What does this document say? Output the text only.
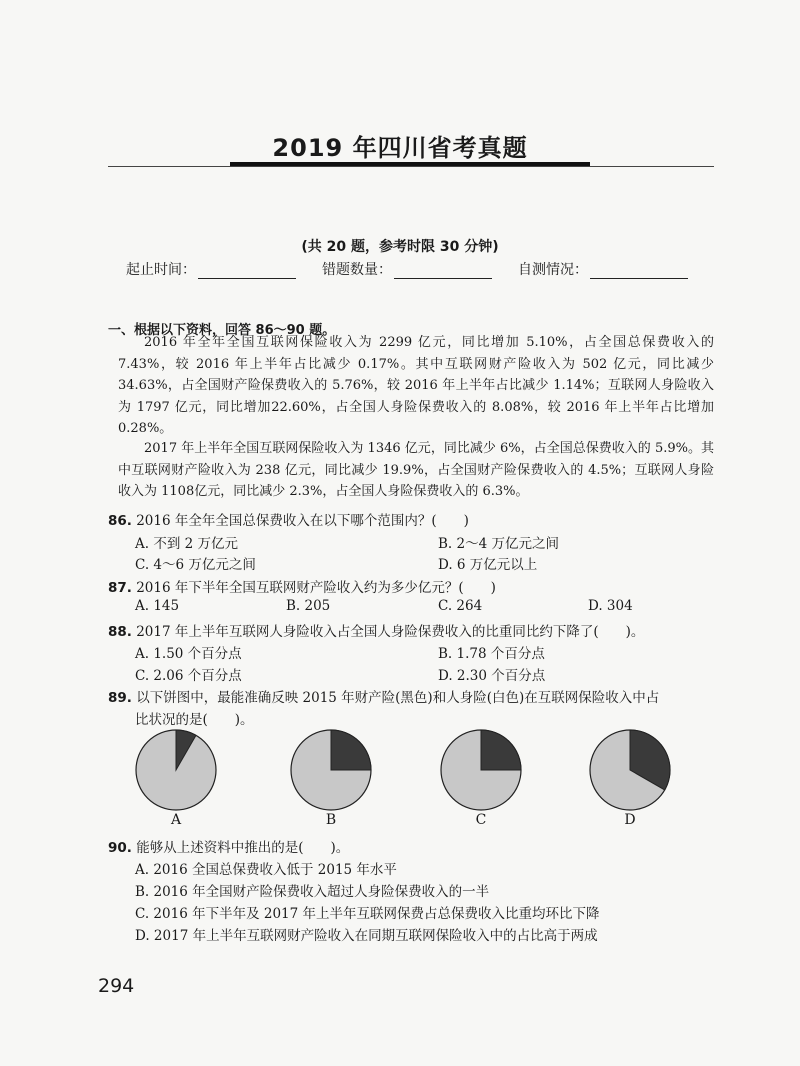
2019 年四川省考真题
(共 20 题，参考时限 30 分钟)
起止时间：	错题数量：	自测情况：
一、根据以下资料，回答 86～90 题。

2016 年全年全国互联网保险收入为 2299 亿元，同比增加 5.10%，占全国总保费收入的 7.43%，较 2016 年上半年占比减少 0.17%。其中互联网财产险收入为 502 亿元，同比减少 34.63%，占全国财产险保费收入的 5.76%，较 2016 年上半年占比减少 1.14%；互联网人身险收入为 1797 亿元，同比增加22.60%，占全国人身险保费收入的 8.08%，较 2016 年上半年占比增加 0.28%。

2017 年上半年全国互联网保险收入为 1346 亿元，同比减少 6%，占全国总保费收入的 5.9%。其中互联网财产险收入为 238 亿元，同比减少 19.9%，占全国财产险保费收入的 4.5%；互联网人身险收入为 1108亿元，同比减少 2.3%，占全国人身险保费收入的 6.3%。

86. 2016 年全年全国总保费收入在以下哪个范围内？(　　)
A. 不到 2 万亿元	B. 2～4 万亿元之间
C. 4～6 万亿元之间	D. 6 万亿元以上
87. 2016 年下半年全国互联网财产险收入约为多少亿元？(　　)
A. 145	B. 205	C. 264	D. 304
88. 2017 年上半年互联网人身险收入占全国人身险保费收入的比重同比约下降了(　　)。
A. 1.50 个百分点	B. 1.78 个百分点
C. 2.06 个百分点	D. 2.30 个百分点
89. 以下饼图中，最能准确反映 2015 年财产险(黑色)和人身险(白色)在互联网保险收入中占
比状况的是(　　)。
A	B	C	D
90. 能够从上述资料中推出的是(　　)。
A. 2016 全国总保费收入低于 2015 年水平
B. 2016 年全国财产险保费收入超过人身险保费收入的一半
C. 2016 年下半年及 2017 年上半年互联网保费占总保费收入比重均环比下降
D. 2017 年上半年互联网财产险收入在同期互联网保险收入中的占比高于两成
294
